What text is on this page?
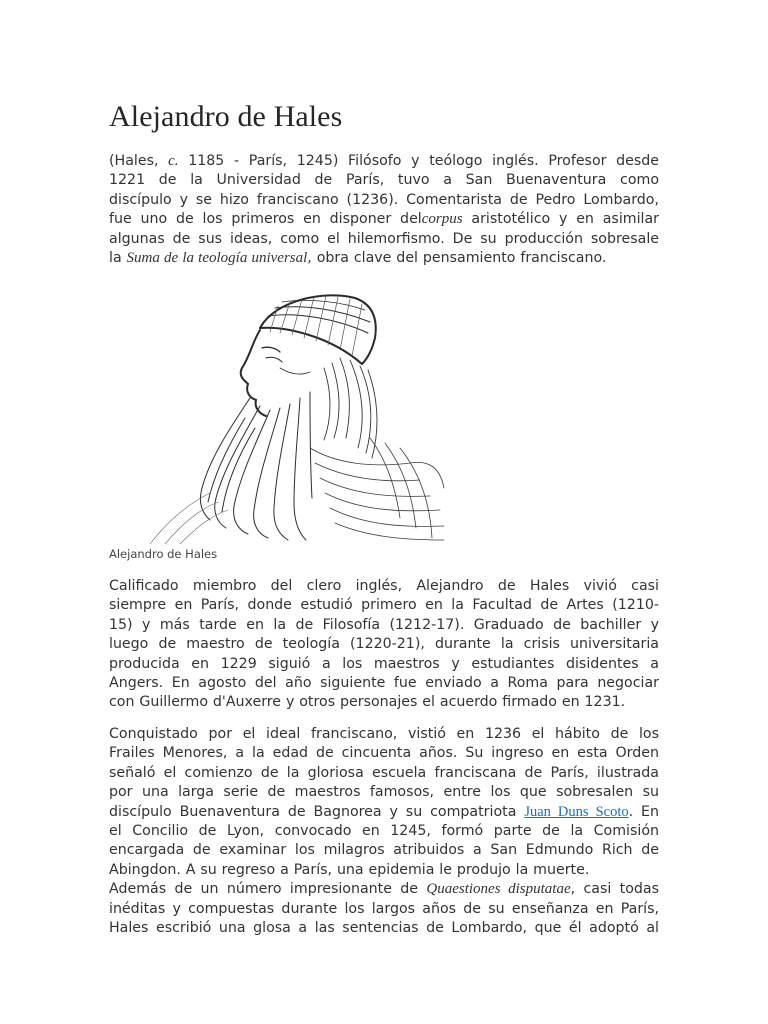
Alejandro de Hales

(Hales, c. 1185 - París, 1245) Filósofo y teólogo inglés. Profesor desde
1221 de la Universidad de París, tuvo a San Buenaventura como
discípulo y se hizo franciscano (1236). Comentarista de Pedro Lombardo,
fue uno de los primeros en disponer delcorpus aristotélico y en asimilar
algunas de sus ideas, como el hilemorfismo. De su producción sobresale
la Suma de la teología universal, obra clave del pensamiento franciscano.

Alejandro de Hales

Calificado miembro del clero inglés, Alejandro de Hales vivió casi
siempre en París, donde estudió primero en la Facultad de Artes (1210-
15) y más tarde en la de Filosofía (1212-17). Graduado de bachiller y
luego de maestro de teología (1220-21), durante la crisis universitaria
producida en 1229 siguió a los maestros y estudiantes disidentes a
Angers. En agosto del año siguiente fue enviado a Roma para negociar
con Guillermo d'Auxerre y otros personajes el acuerdo firmado en 1231.

Conquistado por el ideal franciscano, vistió en 1236 el hábito de los
Frailes Menores, a la edad de cincuenta años. Su ingreso en esta Orden
señaló el comienzo de la gloriosa escuela franciscana de París, ilustrada
por una larga serie de maestros famosos, entre los que sobresalen su
discípulo Buenaventura de Bagnorea y su compatriota Juan Duns Scoto. En
el Concilio de Lyon, convocado en 1245, formó parte de la Comisión
encargada de examinar los milagros atribuidos a San Edmundo Rich de
Abingdon. A su regreso a París, una epidemia le produjo la muerte.
Además de un número impresionante de Quaestiones disputatae, casi todas
inéditas y compuestas durante los largos años de su enseñanza en París,
Hales escribió una glosa a las sentencias de Lombardo, que él adoptó al
